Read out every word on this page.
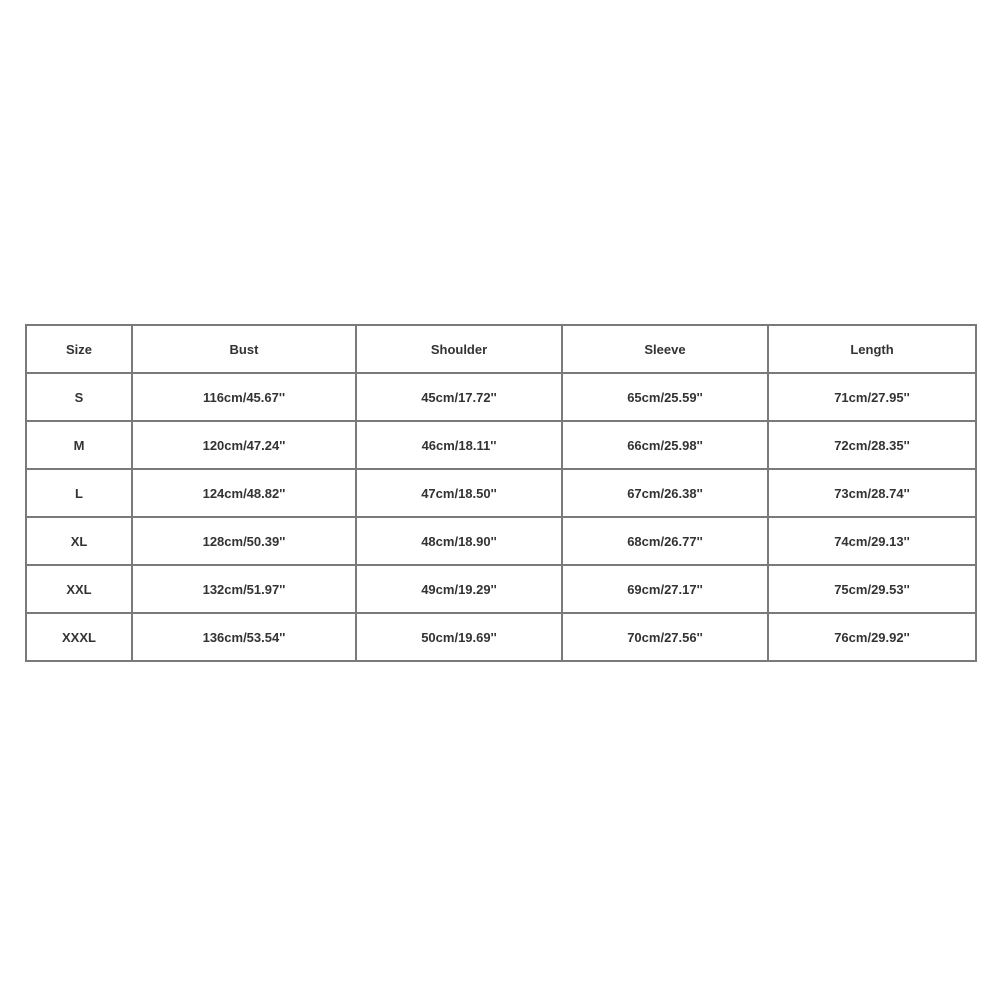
Size	Bust	Shoulder	Sleeve	Length
S	116cm/45.67''	45cm/17.72''	65cm/25.59''	71cm/27.95''
M	120cm/47.24''	46cm/18.11''	66cm/25.98''	72cm/28.35''
L	124cm/48.82''	47cm/18.50''	67cm/26.38''	73cm/28.74''
XL	128cm/50.39''	48cm/18.90''	68cm/26.77''	74cm/29.13''
XXL	132cm/51.97''	49cm/19.29''	69cm/27.17''	75cm/29.53''
XXXL	136cm/53.54''	50cm/19.69''	70cm/27.56''	76cm/29.92''
